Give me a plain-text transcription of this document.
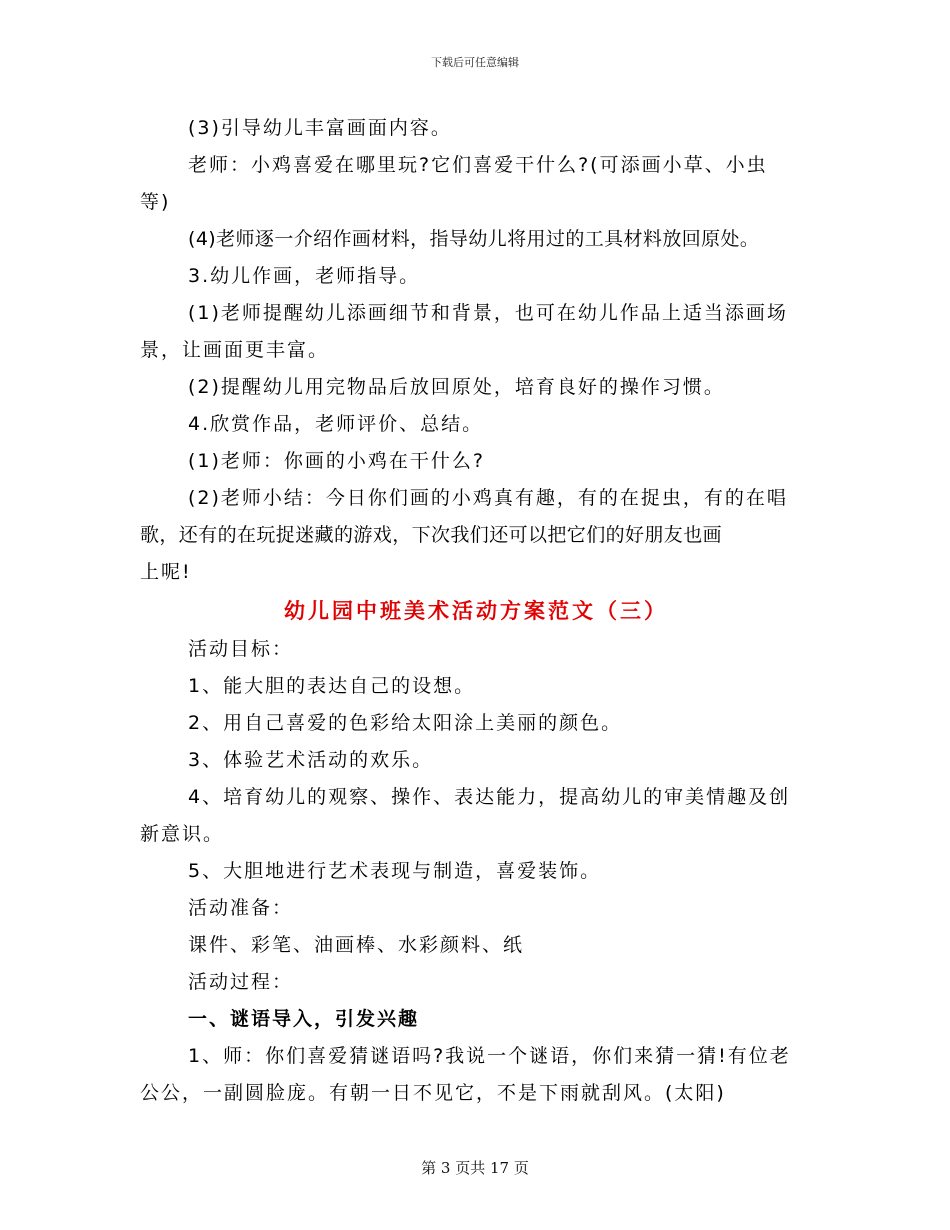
下载后可任意编辑
(3)引导幼儿丰富画面内容。
老师：小鸡喜爱在哪里玩?它们喜爱干什么?(可添画小草、小虫
等)
(4)老师逐一介绍作画材料，指导幼儿将用过的工具材料放回原处。
3.幼儿作画，老师指导。
(1)老师提醒幼儿添画细节和背景，也可在幼儿作品上适当添画场
景，让画面更丰富。
(2)提醒幼儿用完物品后放回原处，培育良好的操作习惯。
4.欣赏作品，老师评价、总结。
(1)老师：你画的小鸡在干什么?
(2)老师小结：今日你们画的小鸡真有趣，有的在捉虫，有的在唱
歌，还有的在玩捉迷藏的游戏，下次我们还可以把它们的好朋友也画
上呢!
幼儿园中班美术活动方案范文（三）
活动目标：
1、能大胆的表达自己的设想。
2、用自己喜爱的色彩给太阳涂上美丽的颜色。
3、体验艺术活动的欢乐。
4、培育幼儿的观察、操作、表达能力，提高幼儿的审美情趣及创
新意识。
5、大胆地进行艺术表现与制造，喜爱装饰。
活动准备：
课件、彩笔、油画棒、水彩颜料、纸
活动过程：
一、谜语导入，引发兴趣
1、师：你们喜爱猜谜语吗?我说一个谜语，你们来猜一猜!有位老
公公，一副圆脸庞。有朝一日不见它，不是下雨就刮风。(太阳)
第 3 页共 17 页
